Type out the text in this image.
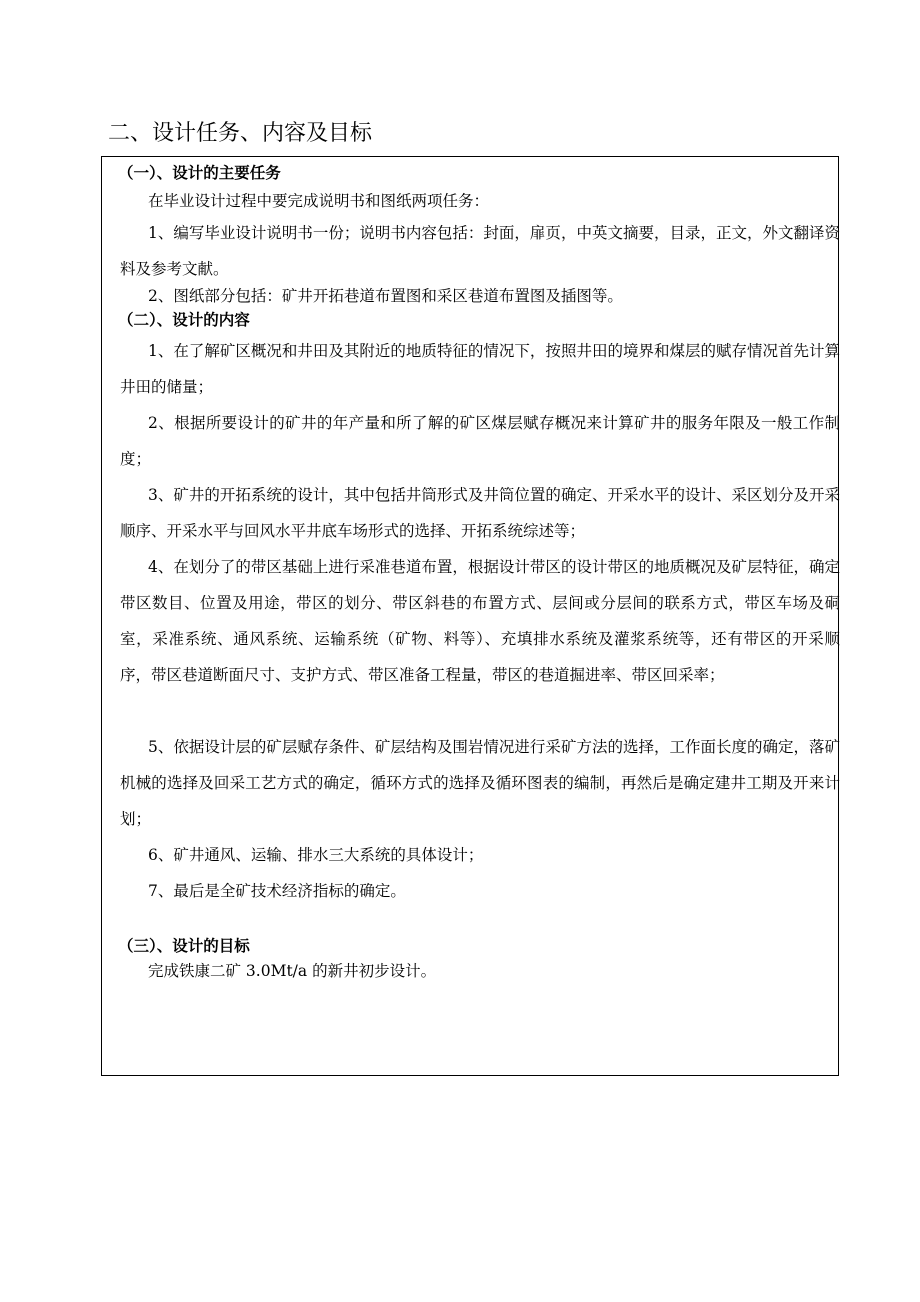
二、设计任务、内容及目标
（一）、设计的主要任务

在毕业设计过程中要完成说明书和图纸两项任务：

1、编写毕业设计说明书一份；说明书内容包括：封面，扉页，中英文摘要，目录，正文，外文翻译资料及参考文献。

2、图纸部分包括：矿井开拓巷道布置图和采区巷道布置图及插图等。

（二）、设计的内容

1、在了解矿区概况和井田及其附近的地质特征的情况下，按照井田的境界和煤层的赋存情况首先计算井田的储量；

2、根据所要设计的矿井的年产量和所了解的矿区煤层赋存概况来计算矿井的服务年限及一般工作制度；

3、矿井的开拓系统的设计，其中包括井筒形式及井筒位置的确定、开采水平的设计、采区划分及开采顺序、开采水平与回风水平井底车场形式的选择、开拓系统综述等；

4、在划分了的带区基础上进行采准巷道布置，根据设计带区的设计带区的地质概况及矿层特征，确定带区数目、位置及用途，带区的划分、带区斜巷的布置方式、层间或分层间的联系方式，带区车场及硐室，采准系统、通风系统、运输系统（矿物、料等）、充填排水系统及灌浆系统等，还有带区的开采顺序，带区巷道断面尺寸、支护方式、带区准备工程量，带区的巷道掘进率、带区回采率；

5、依据设计层的矿层赋存条件、矿层结构及围岩情况进行采矿方法的选择，工作面长度的确定，落矿机械的选择及回采工艺方式的确定，循环方式的选择及循环图表的编制，再然后是确定建井工期及开来计划；

6、矿井通风、运输、排水三大系统的具体设计；

7、最后是全矿技术经济指标的确定。

（三）、设计的目标

完成铁康二矿 3.0Mt/a 的新井初步设计。
